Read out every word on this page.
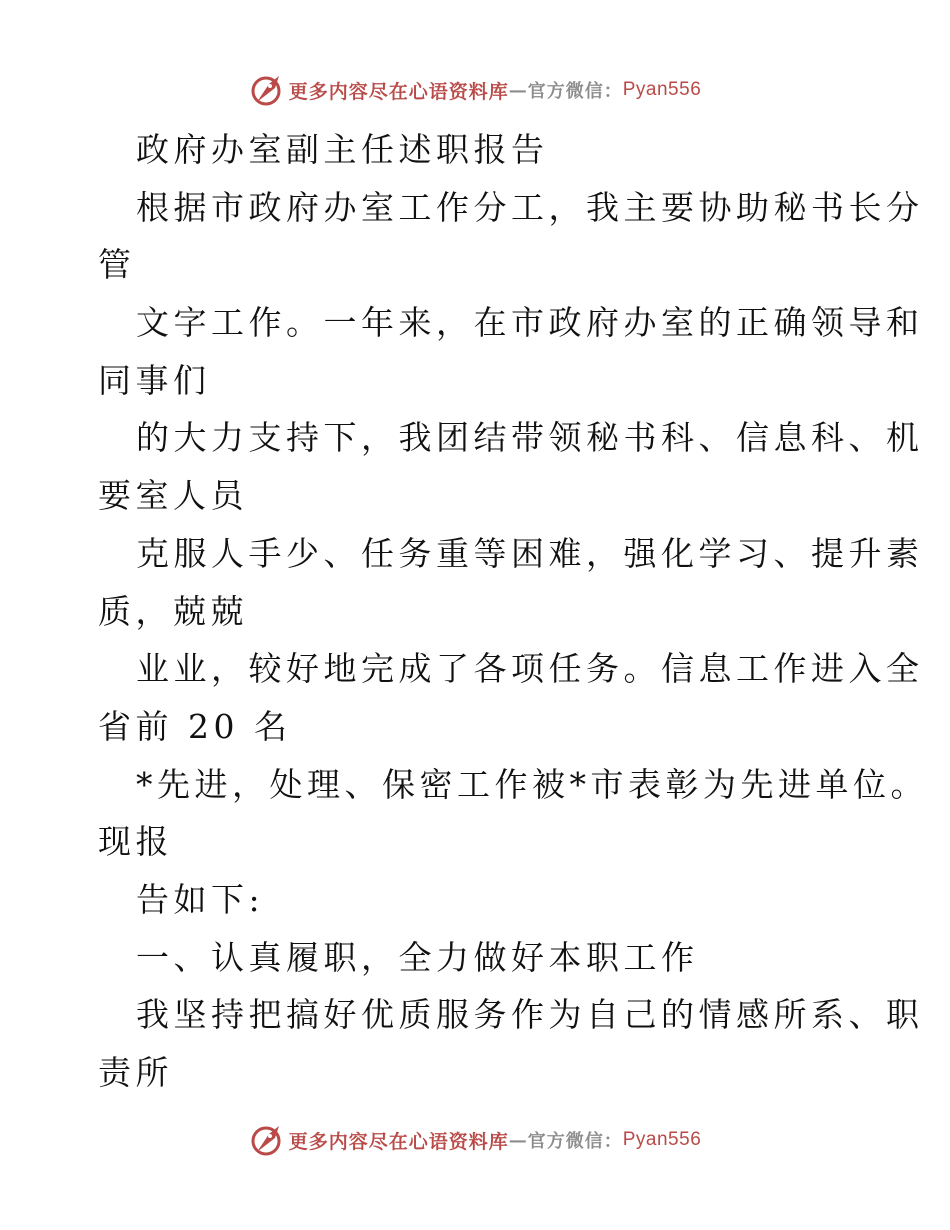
更多内容尽在心语资料库 — 官方微信： Pyan556
政府办室副主任述职报告
根据市政府办室工作分工，我主要协助秘书长分
管
文字工作。一年来，在市政府办室的正确领导和
同事们
的大力支持下，我团结带领秘书科、信息科、机
要室人员
克服人手少、任务重等困难，强化学习、提升素
质，兢兢
业业，较好地完成了各项任务。信息工作进入全
省前 20 名
*先进，处理、保密工作被*市表彰为先进单位。
现报
告如下:
一、认真履职，全力做好本职工作
我坚持把搞好优质服务作为自己的情感所系、职
责所
更多内容尽在心语资料库 — 官方微信： Pyan556
